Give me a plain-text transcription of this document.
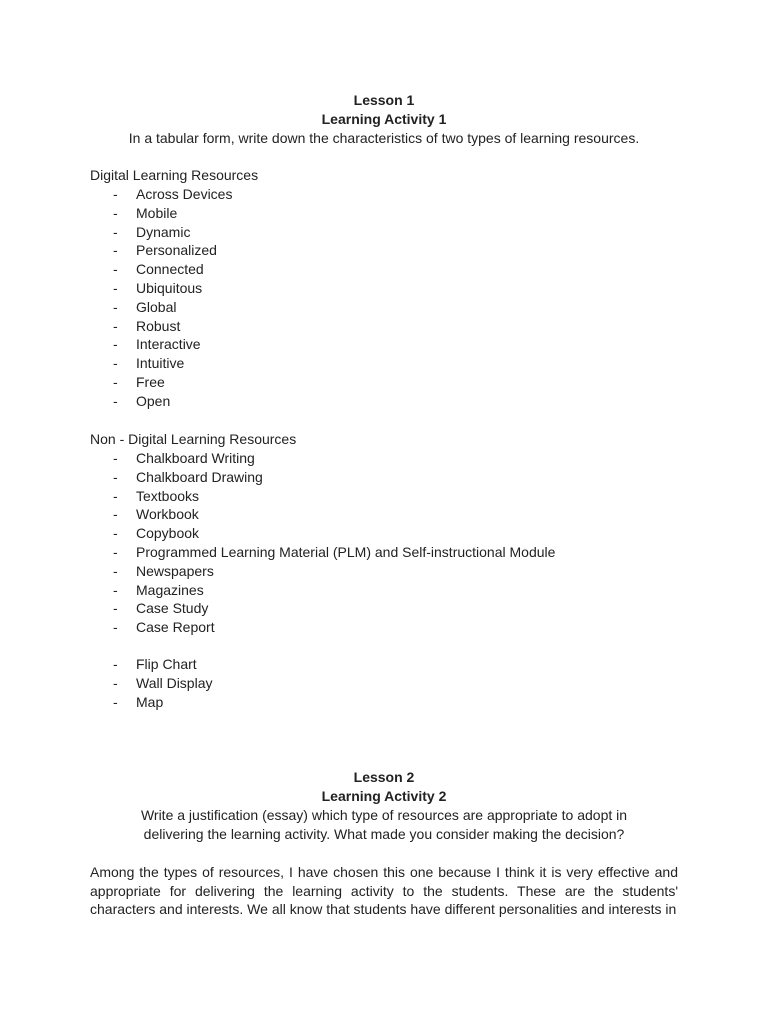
Lesson 1
Learning Activity 1
In a tabular form, write down the characteristics of two types of learning resources.
Digital Learning Resources
- Across Devices
- Mobile
- Dynamic
- Personalized
- Connected
- Ubiquitous
- Global
- Robust
- Interactive
- Intuitive
- Free
- Open
Non - Digital Learning Resources
- Chalkboard Writing
- Chalkboard Drawing
- Textbooks
- Workbook
- Copybook
- Programmed Learning Material (PLM) and Self-instructional Module
- Newspapers
- Magazines
- Case Study
- Case Report
- Flip Chart
- Wall Display
- Map
Lesson 2
Learning Activity 2
Write a justification (essay) which type of resources are appropriate to adopt in
delivering the learning activity. What made you consider making the decision?
Among the types of resources, I have chosen this one because I think it is very effective and appropriate for delivering the learning activity to the students. These are the students' characters and interests. We all know that students have different personalities and interests in
